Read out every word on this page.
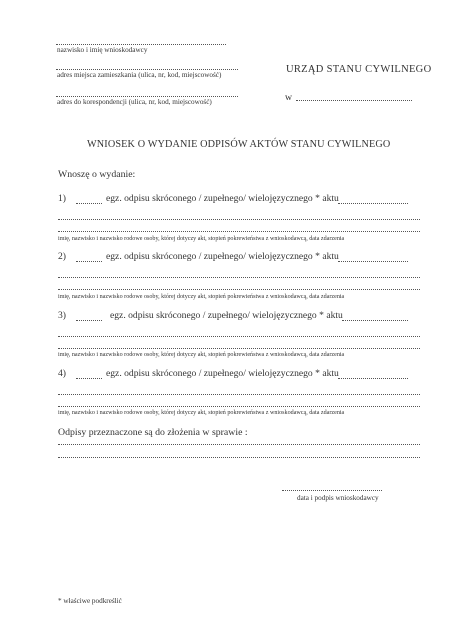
nazwisko i imię wnioskodawcy
adres miejsca zamieszkania (ulica, nr, kod, miejscowość)
adres do korespondencji (ulica, nr, kod, miejscowość)
URZĄD STANU CYWILNEGO
w
WNIOSEK O WYDANIE ODPISÓW AKTÓW STANU CYWILNEGO
Wnoszę o wydanie:
1)	egz. odpisu skróconego / zupełnego/ wielojęzycznego * aktu
imię, nazwisko i nazwisko rodowe osoby, której dotyczy akt, stopień pokrewieństwa z wnioskodawcą, data zdarzenia
2)	egz. odpisu skróconego / zupełnego/ wielojęzycznego * aktu
imię, nazwisko i nazwisko rodowe osoby, której dotyczy akt, stopień pokrewieństwa z wnioskodawcą, data zdarzenia
3)	egz. odpisu skróconego / zupełnego/ wielojęzycznego * aktu
imię, nazwisko i nazwisko rodowe osoby, której dotyczy akt, stopień pokrewieństwa z wnioskodawcą, data zdarzenia
4)	egz. odpisu skróconego / zupełnego/ wielojęzycznego * aktu
imię, nazwisko i nazwisko rodowe osoby, której dotyczy akt, stopień pokrewieństwa z wnioskodawcą, data zdarzenia
Odpisy przeznaczone są do złożenia w sprawie :
data i podpis wnioskodawcy
* właściwe podkreślić
